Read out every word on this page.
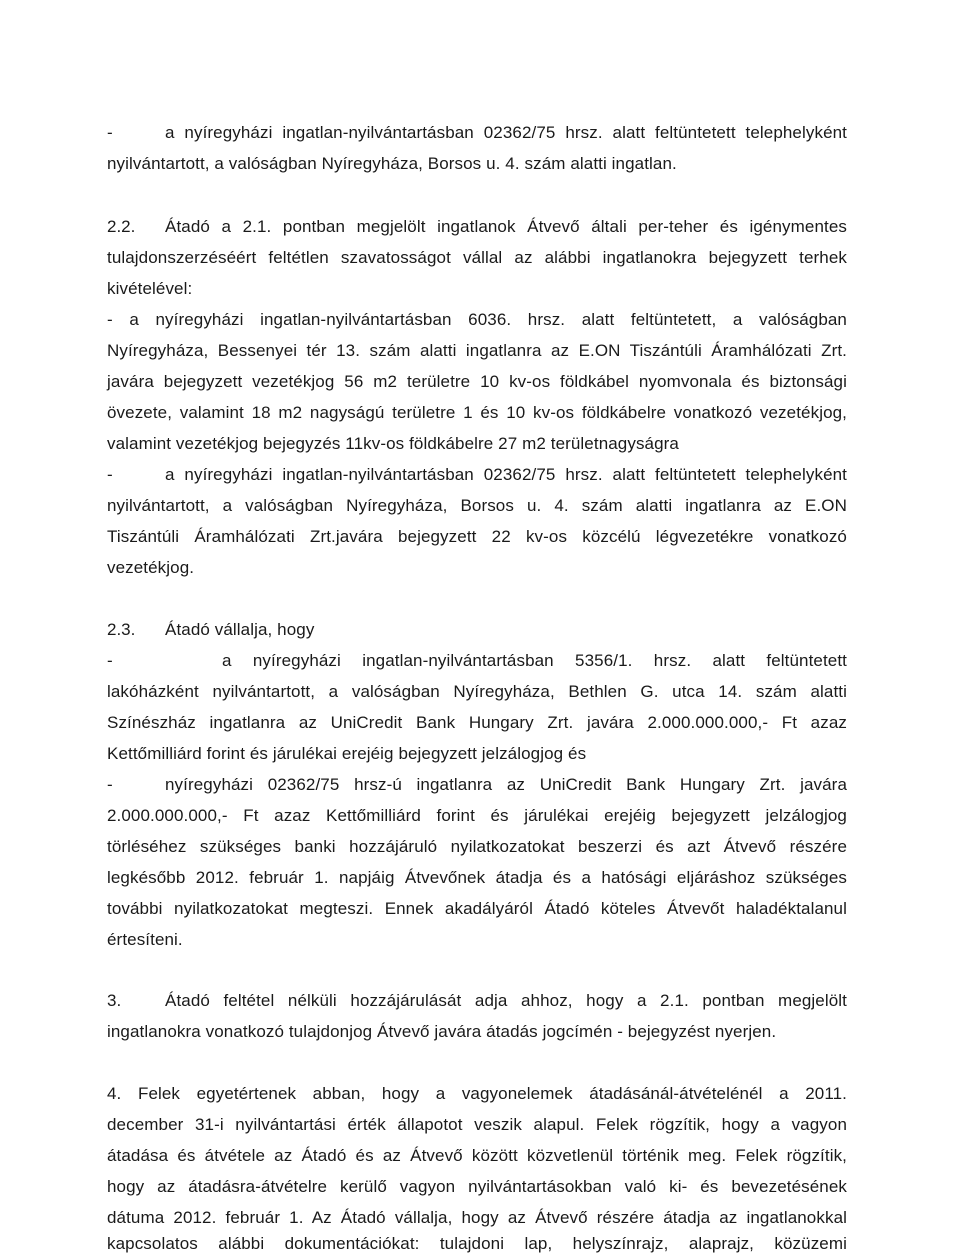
-	a nyíregyházi ingatlan-nyilvántartásban 02362/75 hrsz. alatt feltüntetett telephelyként
nyilvántartott, a valóságban Nyíregyháza, Borsos u. 4. szám alatti ingatlan.
2.2. Átadó a 2.1. pontban megjelölt ingatlanok Átvevő általi per-teher és igénymentes
tulajdonszerzéséért feltétlen szavatosságot vállal az alábbi ingatlanokra bejegyzett terhek
kivételével:
- a nyíregyházi ingatlan-nyilvántartásban 6036. hrsz. alatt feltüntetett, a valóságban
Nyíregyháza, Bessenyei tér 13. szám alatti ingatlanra az E.ON Tiszántúli Áramhálózati Zrt.
javára bejegyzett vezetékjog 56 m2 területre 10 kv-os földkábel nyomvonala és biztonsági
övezete, valamint 18 m2 nagyságú területre 1 és 10 kv-os földkábelre vonatkozó vezetékjog,
valamint vezetékjog bejegyzés 11kv-os földkábelre 27 m2 területnagyságra
-	a nyíregyházi ingatlan-nyilvántartásban 02362/75 hrsz. alatt feltüntetett telephelyként
nyilvántartott, a valóságban Nyíregyháza, Borsos u. 4. szám alatti ingatlanra az E.ON
Tiszántúli Áramhálózati Zrt.javára bejegyzett 22 kv-os közcélú légvezetékre vonatkozó
vezetékjog.
2.3. Átadó vállalja, hogy
-	a nyíregyházi ingatlan-nyilvántartásban 5356/1. hrsz. alatt feltüntetett
lakóházként nyilvántartott, a valóságban Nyíregyháza, Bethlen G. utca 14. szám alatti
Színészház ingatlanra az UniCredit Bank Hungary Zrt. javára 2.000.000.000,- Ft azaz
Kettőmilliárd forint és járulékai erejéig bejegyzett jelzálogjog és
-	nyíregyházi 02362/75 hrsz-ú ingatlanra az UniCredit Bank Hungary Zrt. javára
2.000.000.000,- Ft azaz Kettőmilliárd forint és járulékai erejéig bejegyzett jelzálogjog
törléséhez szükséges banki hozzájáruló nyilatkozatokat beszerzi és azt Átvevő részére
legkésőbb 2012. február 1. napjáig Átvevőnek átadja és a hatósági eljáráshoz szükséges
további nyilatkozatokat megteszi. Ennek akadályáról Átadó köteles Átvevőt haladéktalanul
értesíteni.
3.	Átadó feltétel nélküli hozzájárulását adja ahhoz, hogy a 2.1. pontban megjelölt
ingatlanokra vonatkozó tulajdonjog Átvevő javára átadás jogcímén - bejegyzést nyerjen.
4. Felek egyetértenek abban, hogy a vagyonelemek átadásánál-átvételénél a 2011.
december 31-i nyilvántartási érték állapotot veszik alapul. Felek rögzítik, hogy a vagyon
átadása és átvétele az Átadó és az Átvevő között közvetlenül történik meg. Felek rögzítik,
hogy az átadásra-átvételre kerülő vagyon nyilvántartásokban való ki- és bevezetésének
dátuma 2012. február 1. Az Átadó vállalja, hogy az Átvevő részére átadja az ingatlanokkal
kapcsolatos alábbi dokumentációkat: tulajdoni lap, helyszínrajz, alaprajz, közüzemi
